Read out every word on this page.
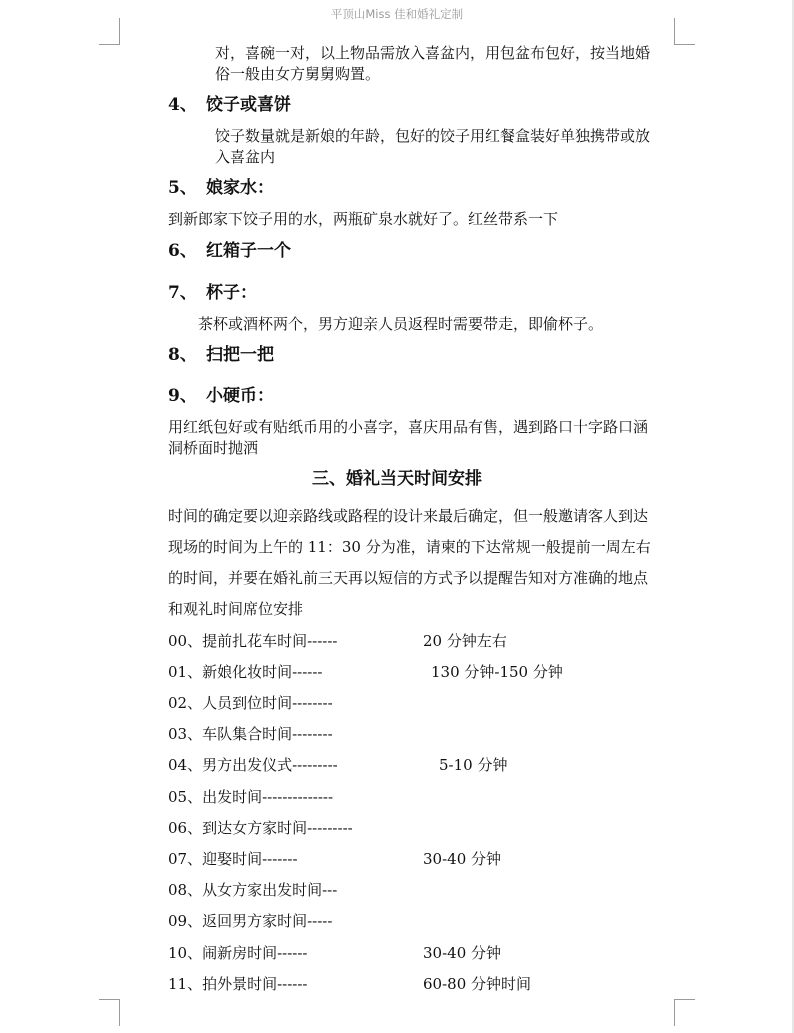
平顶山Miss 佳和婚礼定制
对，喜碗一对，以上物品需放入喜盆内，用包盆布包好，按当地婚
俗一般由女方舅舅购置。
4、 饺子或喜饼
饺子数量就是新娘的年龄，包好的饺子用红餐盒装好单独携带或放
入喜盆内
5、 娘家水：
到新郎家下饺子用的水，两瓶矿泉水就好了。红丝带系一下
6、 红箱子一个
7、 杯子：
茶杯或酒杯两个，男方迎亲人员返程时需要带走，即偷杯子。
8、 扫把一把
9、 小硬币：
用红纸包好或有贴纸币用的小喜字，喜庆用品有售，遇到路口十字路口涵
洞桥面时抛洒
三、婚礼当天时间安排
时间的确定要以迎亲路线或路程的设计来最后确定，但一般邀请客人到达
现场的时间为上午的 11：30 分为准，请柬的下达常规一般提前一周左右
的时间，并要在婚礼前三天再以短信的方式予以提醒告知对方准确的地点
和观礼时间席位安排
00、提前扎花车时间------	20 分钟左右
01、新娘化妆时间------	130 分钟-150 分钟
02、人员到位时间--------
03、车队集合时间--------
04、男方出发仪式---------	5-10 分钟
05、出发时间--------------
06、到达女方家时间---------
07、迎娶时间-------	30-40 分钟
08、从女方家出发时间---
09、返回男方家时间-----
10、闹新房时间------	30-40 分钟
11、拍外景时间------	60-80 分钟时间
